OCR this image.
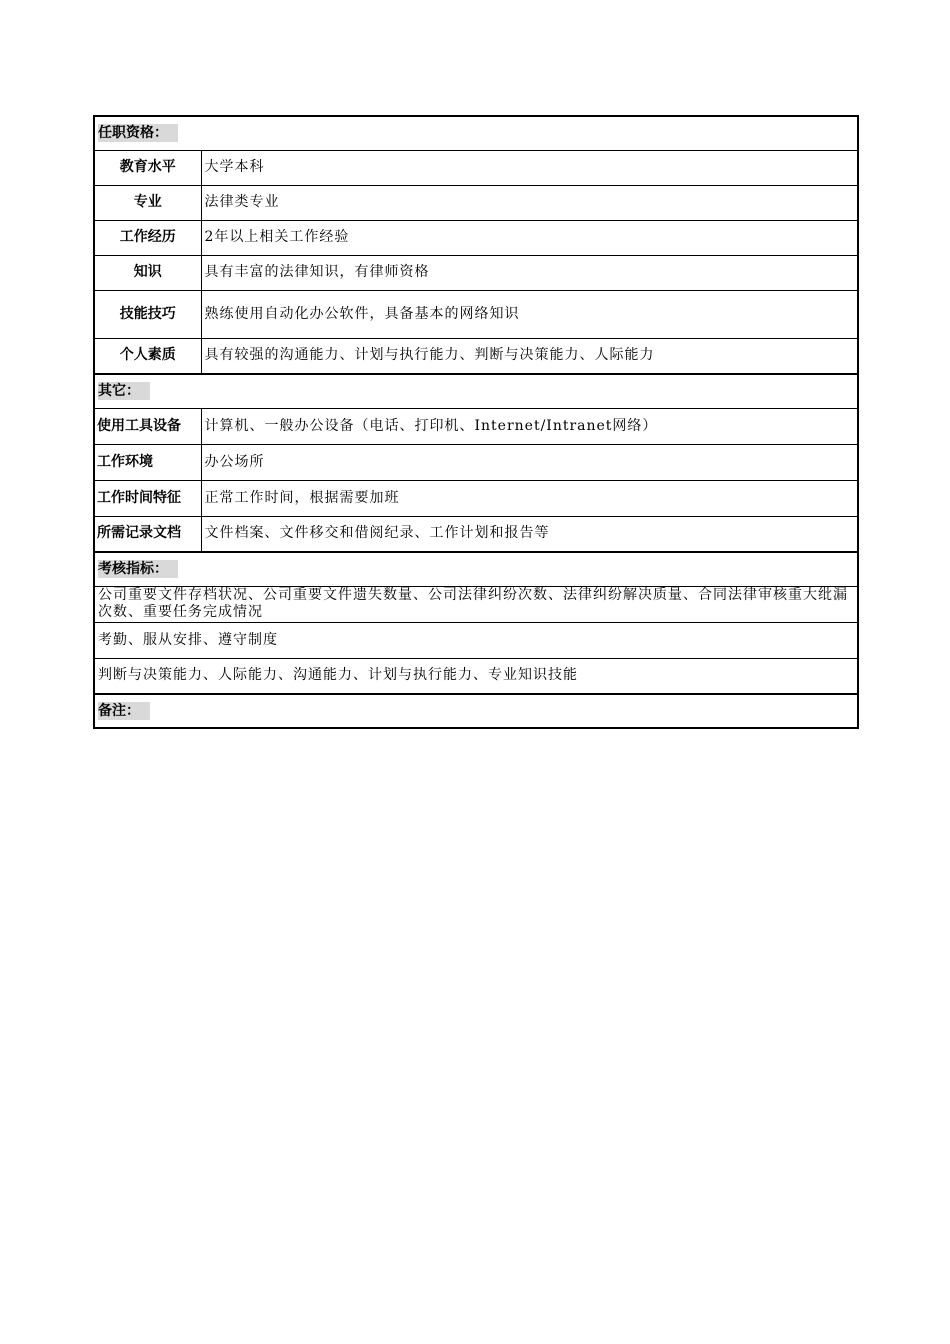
任职资格：	
教育水平	大学本科
专业	法律类专业
工作经历	2年以上相关工作经验
知识	具有丰富的法律知识，有律师资格
技能技巧	熟练使用自动化办公软件，具备基本的网络知识
个人素质	具有较强的沟通能力、计划与执行能力、判断与决策能力、人际能力
其它：	
使用工具设备	计算机、一般办公设备（电话、打印机、Internet/Intranet网络）
工作环境	办公场所
工作时间特征	正常工作时间，根据需要加班
所需记录文档	文件档案、文件移交和借阅纪录、工作计划和报告等
考核指标：	
公司重要文件存档状况、公司重要文件遗失数量、公司法律纠纷次数、法律纠纷解决质量、合同法律审核重大纰漏次数、重要任务完成情况	
考勤、服从安排、遵守制度	
判断与决策能力、人际能力、沟通能力、计划与执行能力、专业知识技能	
备注：	
